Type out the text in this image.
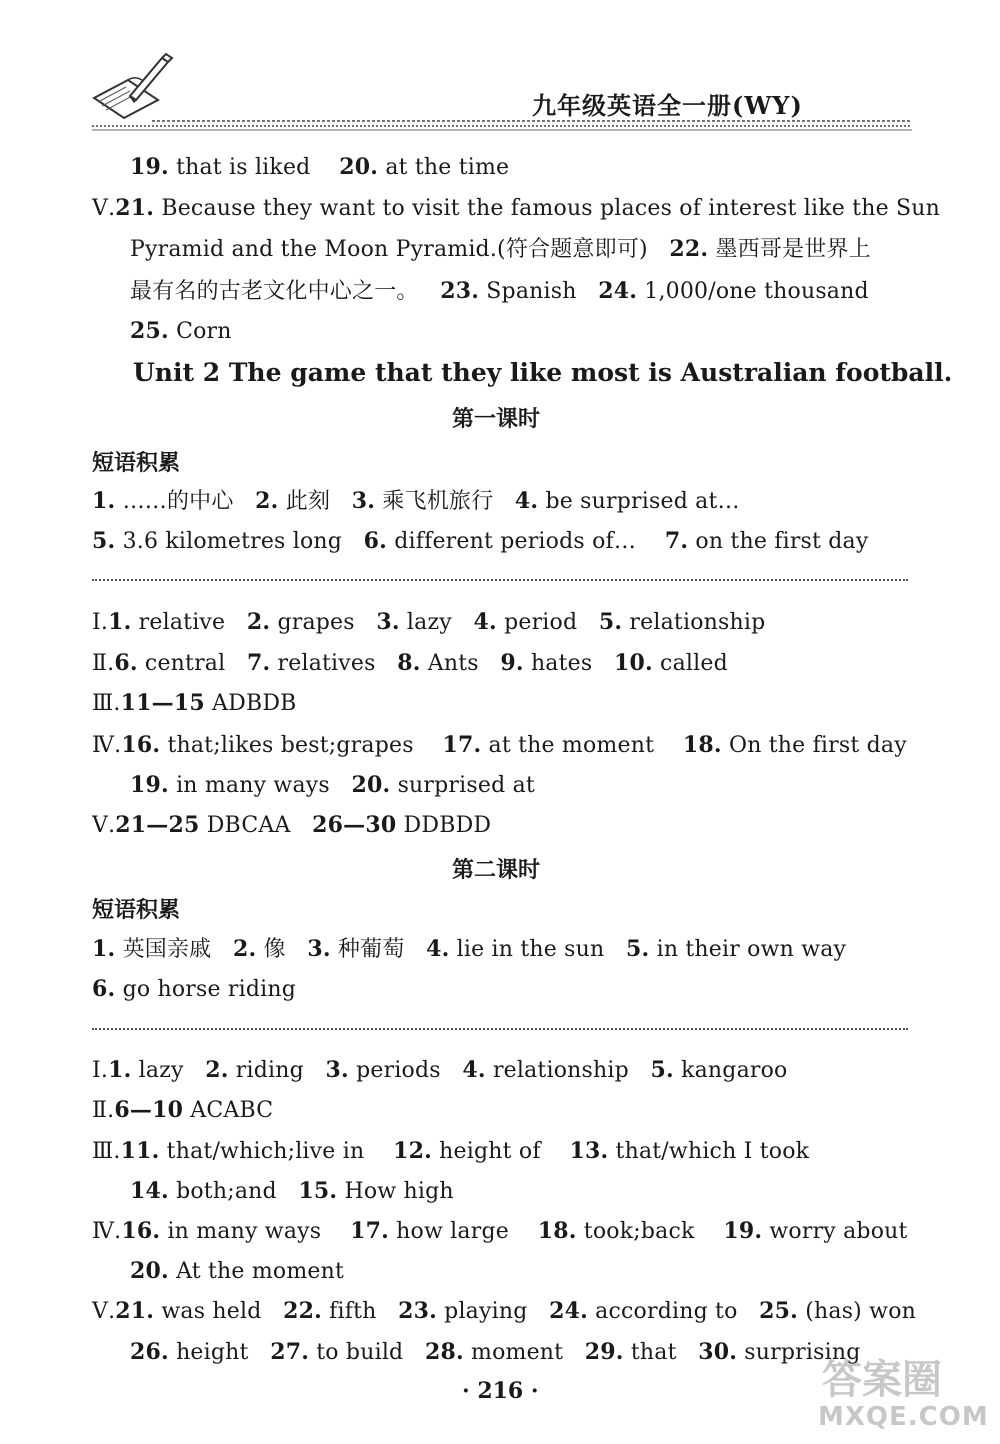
九年级英语全一册(WY)
19. that is liked 20. at the time
Ⅴ.21. Because they want to visit the famous places of interest like the Sun
Pyramid and the Moon Pyramid.(符合题意即可) 22. 墨西哥是世界上
最有名的古老文化中心之一。 23. Spanish 24. 1,000/one thousand
25. Corn
Unit 2 The game that they like most is Australian football.
第一课时
短语积累
1. ……的中心 2. 此刻 3. 乘飞机旅行 4. be surprised at…
5. 3.6 kilometres long 6. different periods of… 7. on the first day
Ⅰ.1. relative 2. grapes 3. lazy 4. period 5. relationship
Ⅱ.6. central 7. relatives 8. Ants 9. hates 10. called
Ⅲ.11—15 ADBDB
Ⅳ.16. that;likes best;grapes 17. at the moment 18. On the first day
19. in many ways 20. surprised at
Ⅴ.21—25 DBCAA 26—30 DDBDD
第二课时
短语积累
1. 英国亲戚 2. 像 3. 种葡萄 4. lie in the sun 5. in their own way
6. go horse riding
Ⅰ.1. lazy 2. riding 3. periods 4. relationship 5. kangaroo
Ⅱ.6—10 ACABC
Ⅲ.11. that/which;live in 12. height of 13. that/which I took
14. both;and 15. How high
Ⅳ.16. in many ways 17. how large 18. took;back 19. worry about
20. At the moment
Ⅴ.21. was held 22. fifth 23. playing 24. according to 25. (has) won
26. height 27. to build 28. moment 29. that 30. surprising
· 216 ·	答案圈
MXQE.COM
